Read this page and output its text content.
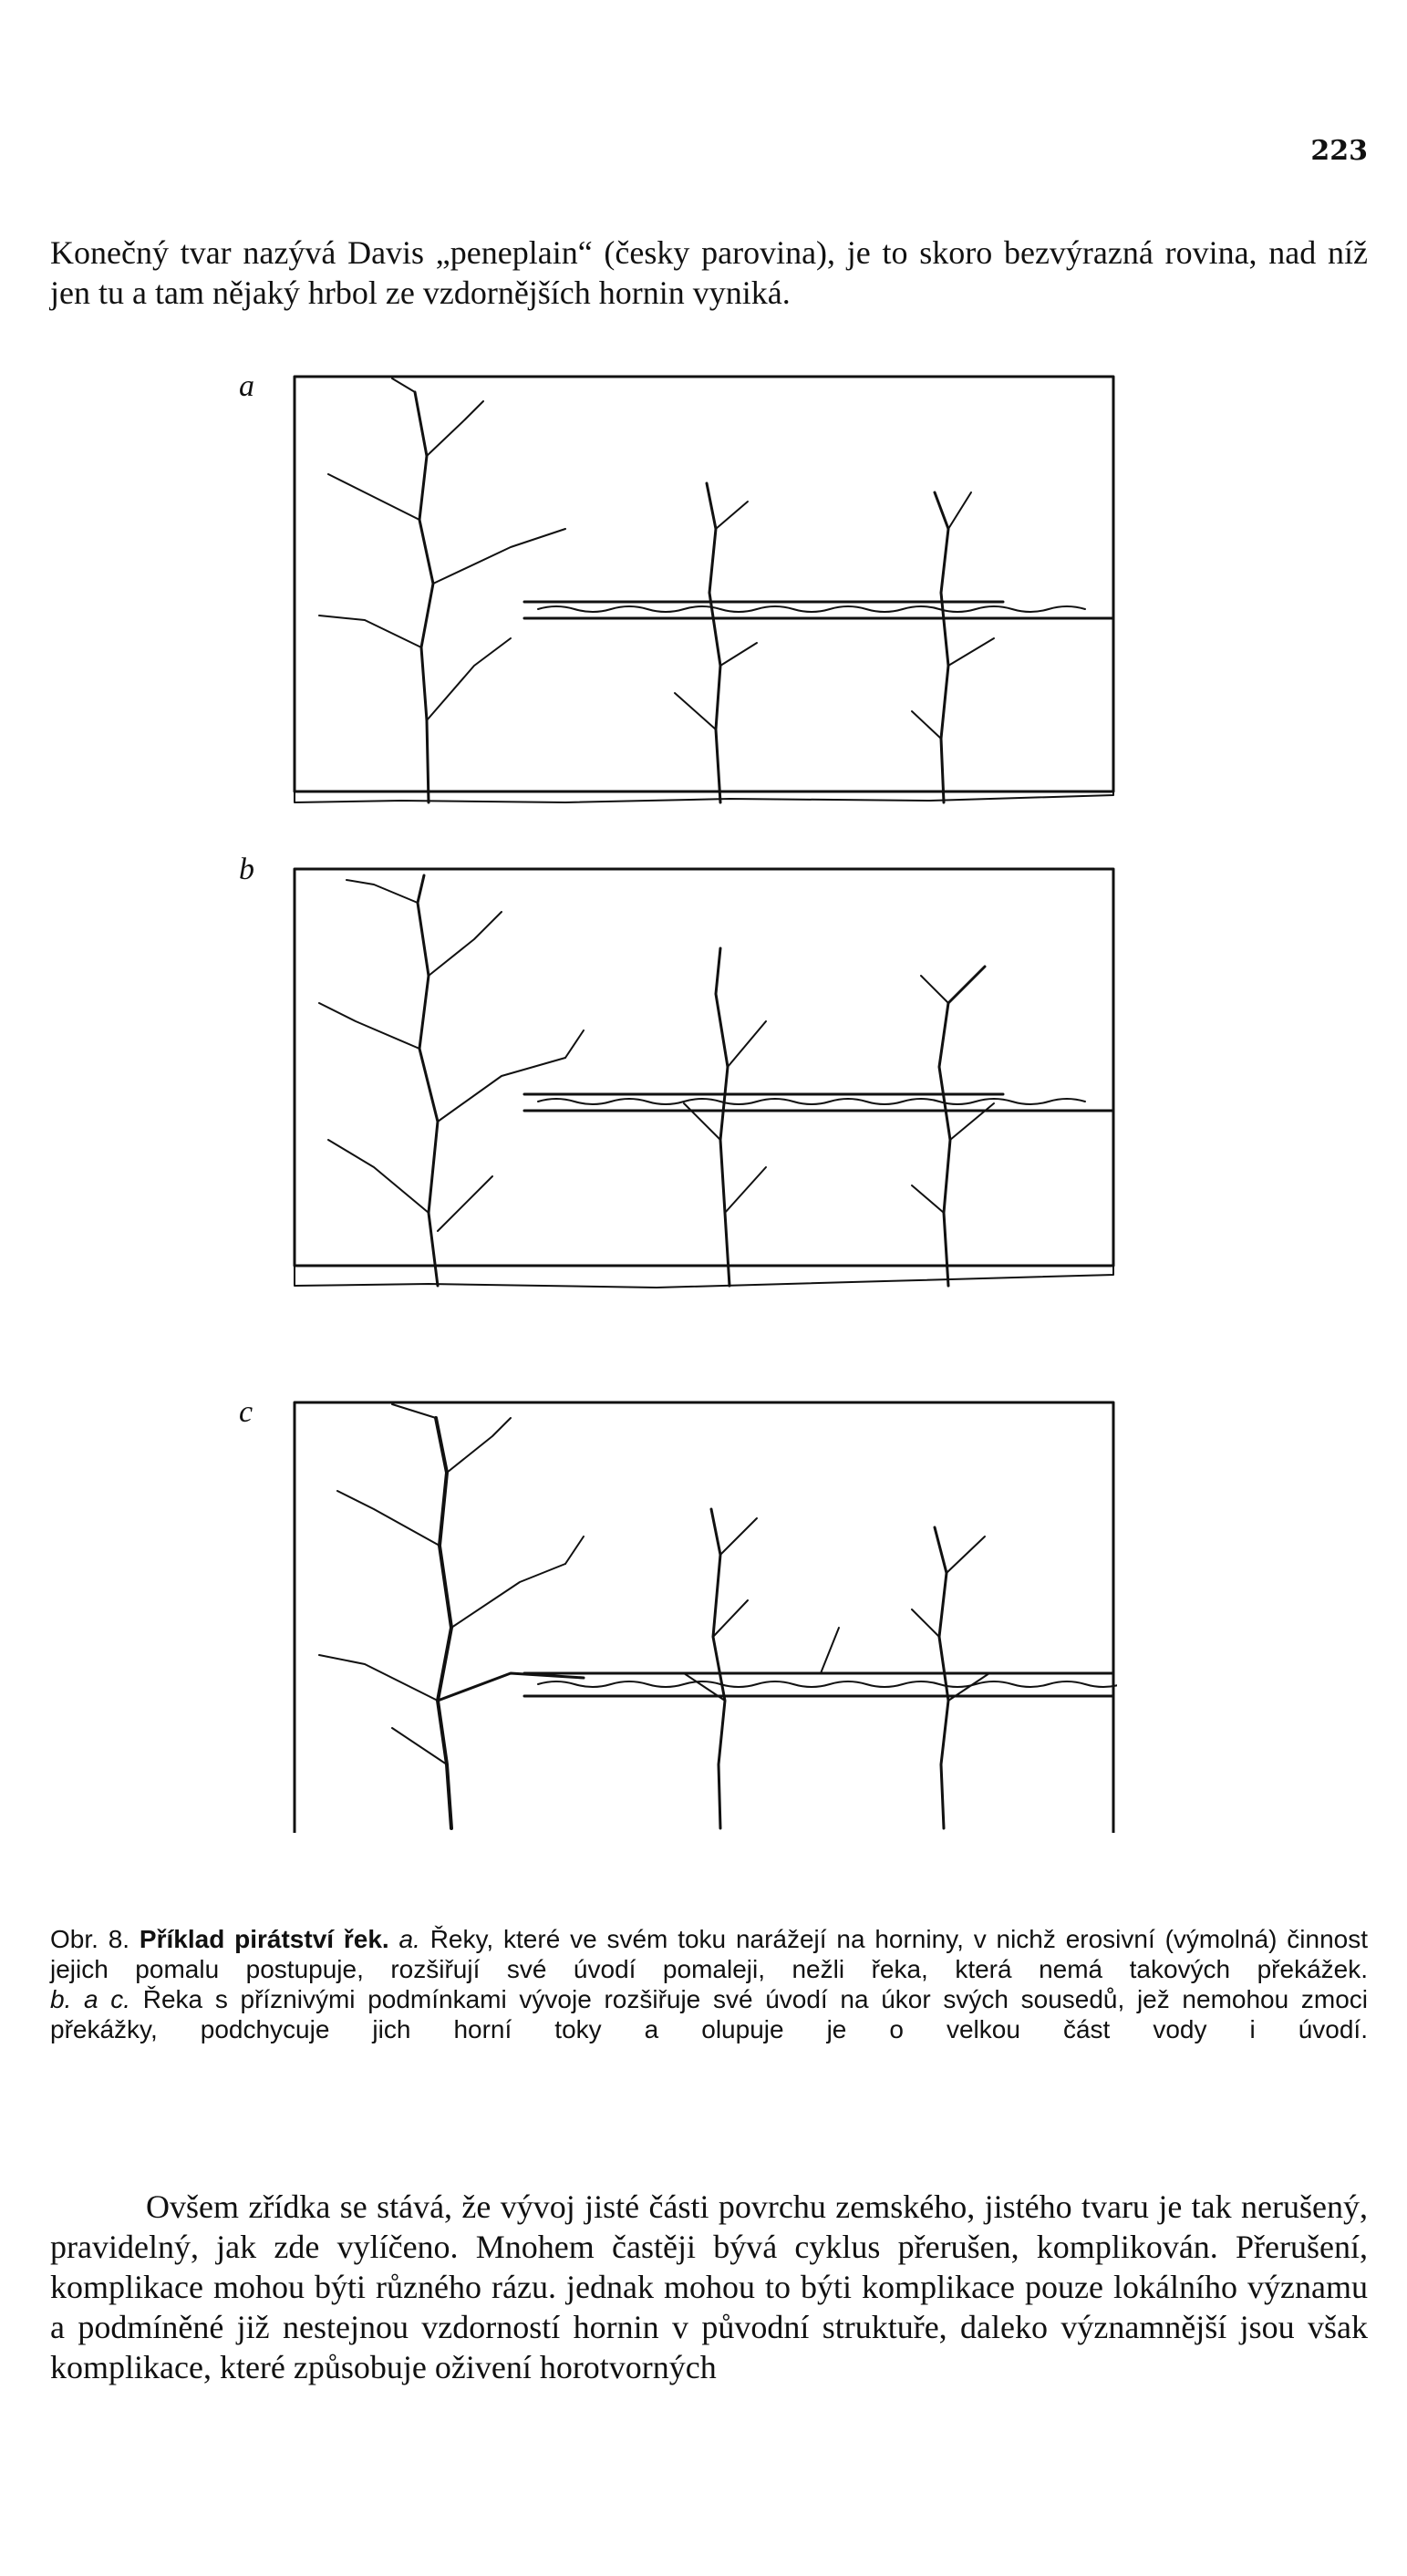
223

Konečný tvar nazývá Davis „peneplain“ (česky parovina), je to skoro bezvýrazná rovina, nad níž jen tu a tam nějaký hrbol ze vzdornějších hornin vyniká.

a
b
c

Obr. 8. Příklad pirátství řek. a. Řeky, které ve svém toku narážejí na horniny, v nichž erosivní (výmolná) činnost jejich pomalu postupuje, rozšiřují své úvodí pomaleji, nežli řeka, která nemá takových překážek.
b. a c. Řeka s příznivými podmínkami vývoje rozšiřuje své úvodí na úkor svých sousedů, jež nemohou zmoci překážky, podchycuje jich horní toky a olupuje je o velkou část vody i úvodí.

Ovšem zřídka se stává, že vývoj jisté části povrchu zemského, jistého tvaru je tak nerušený, pravidelný, jak zde vylíčeno. Mnohem častěji bývá cyklus přerušen, komplikován. Přerušení, komplikace mohou býti různého rázu. jednak mohou to býti komplikace pouze lokálního významu a podmíněné již nestejnou vzdorností hornin v původní struktuře, daleko významnější jsou však komplikace, které způsobuje oživení horotvorných
